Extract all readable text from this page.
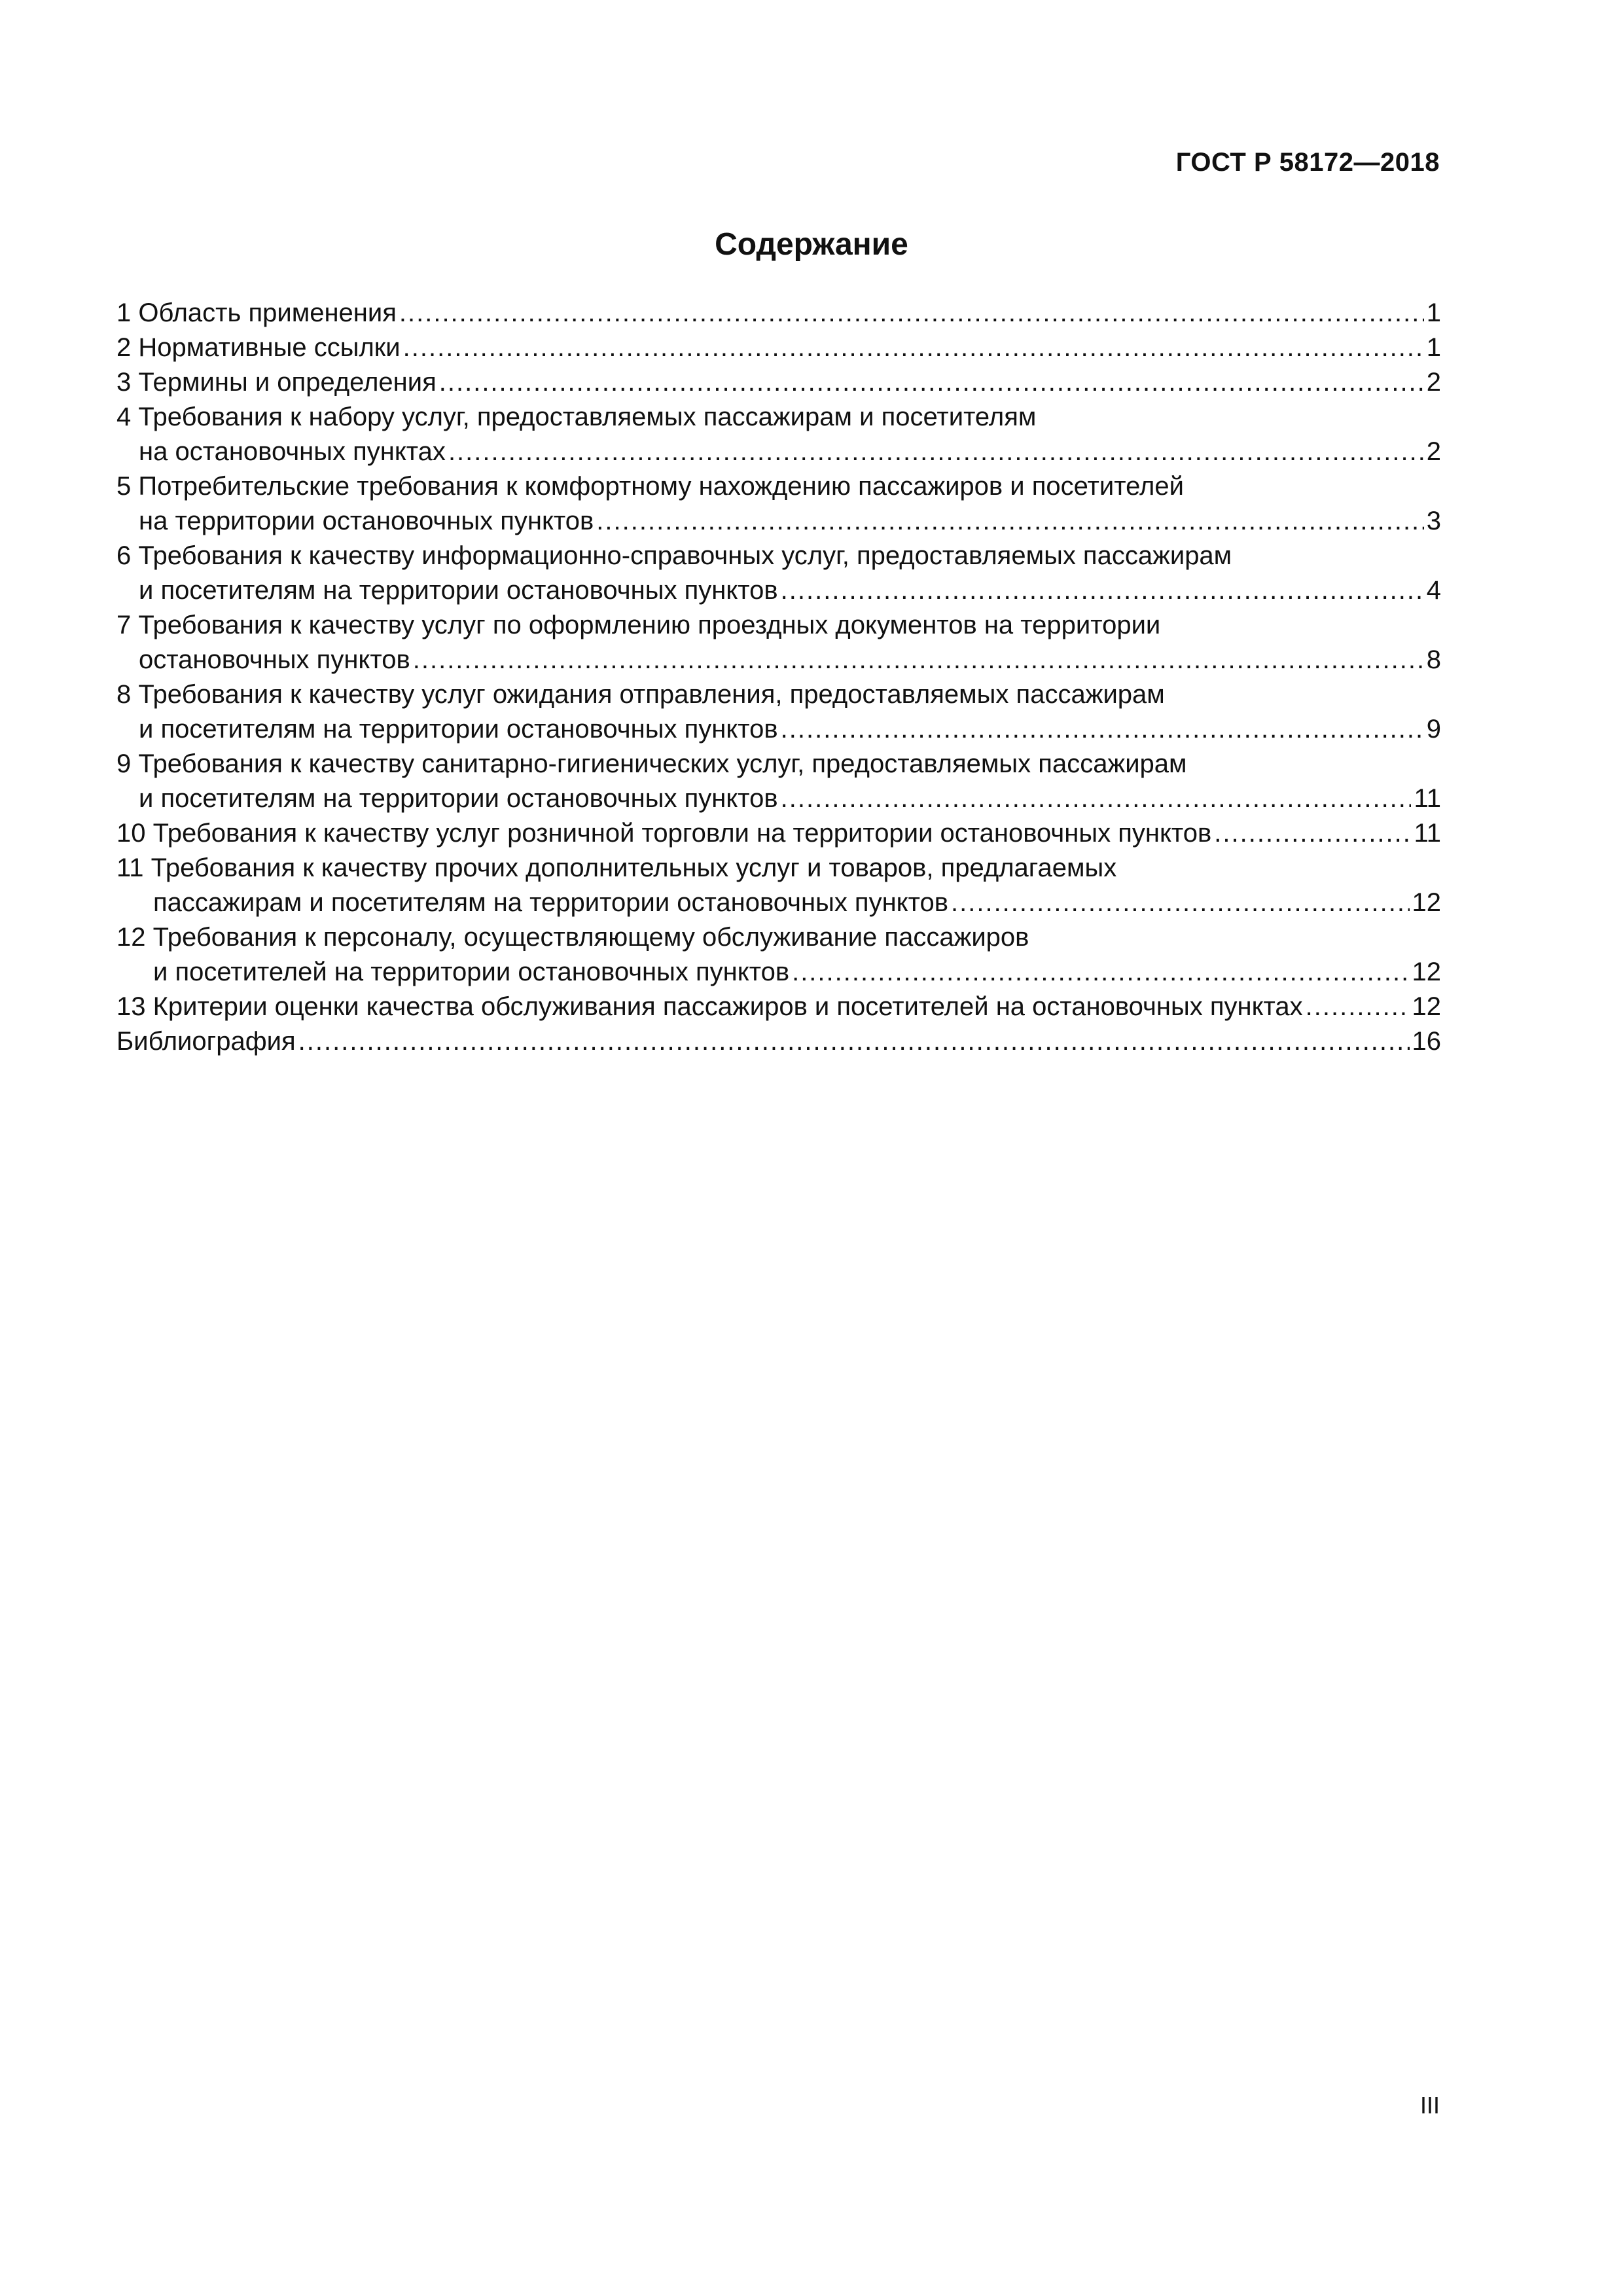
ГОСТ Р 58172—2018
Содержание
1 Область применения .....	1
2 Нормативные ссылки .....	1
3 Термины и определения .....	2
4 Требования к набору услуг, предоставляемых пассажирам и посетителям
на остановочных пунктах .....	2
5 Потребительские требования к комфортному нахождению пассажиров и посетителей
на территории остановочных пунктов .....	3
6 Требования к качеству информационно-справочных услуг, предоставляемых пассажирам
и посетителям на территории остановочных пунктов .....	4
7 Требования к качеству услуг по оформлению проездных документов на территории
остановочных пунктов .....	8
8 Требования к качеству услуг ожидания отправления, предоставляемых пассажирам
и посетителям на территории остановочных пунктов .....	9
9 Требования к качеству санитарно-гигиенических услуг, предоставляемых пассажирам
и посетителям на территории остановочных пунктов .....	11
10 Требования к качеству услуг розничной торговли на территории остановочных пунктов .....	11
11 Требования к качеству прочих дополнительных услуг и товаров, предлагаемых
пассажирам и посетителям на территории остановочных пунктов .....	12
12 Требования к персоналу, осуществляющему обслуживание пассажиров
и посетителей на территории остановочных пунктов .....	12
13 Критерии оценки качества обслуживания пассажиров и посетителей на остановочных пунктах .....	12
Библиография .....	16
III
